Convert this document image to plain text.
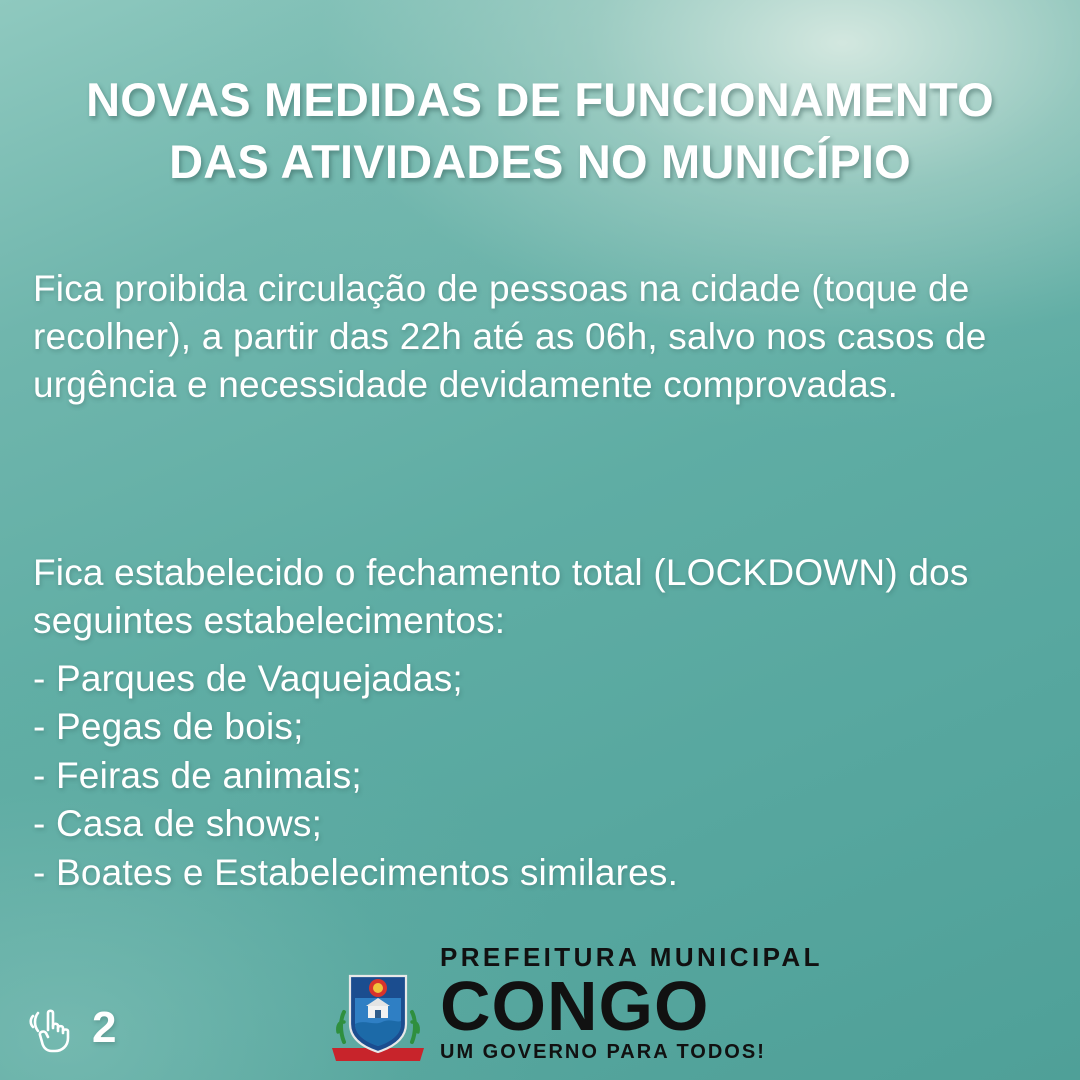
NOVAS MEDIDAS DE FUNCIONAMENTO
DAS ATIVIDADES NO MUNICÍPIO

Fica proibida circulação de pessoas na cidade (toque de recolher), a partir das 22h até as 06h, salvo nos casos de urgência e necessidade devidamente comprovadas.

Fica estabelecido o fechamento total (LOCKDOWN) dos seguintes estabelecimentos:

- Parques de Vaquejadas;
- Pegas de bois;
- Feiras de animais;
- Casa de shows;
- Boates e Estabelecimentos similares.
2
PREFEITURA MUNICIPAL
CONGO
UM GOVERNO PARA TODOS!
